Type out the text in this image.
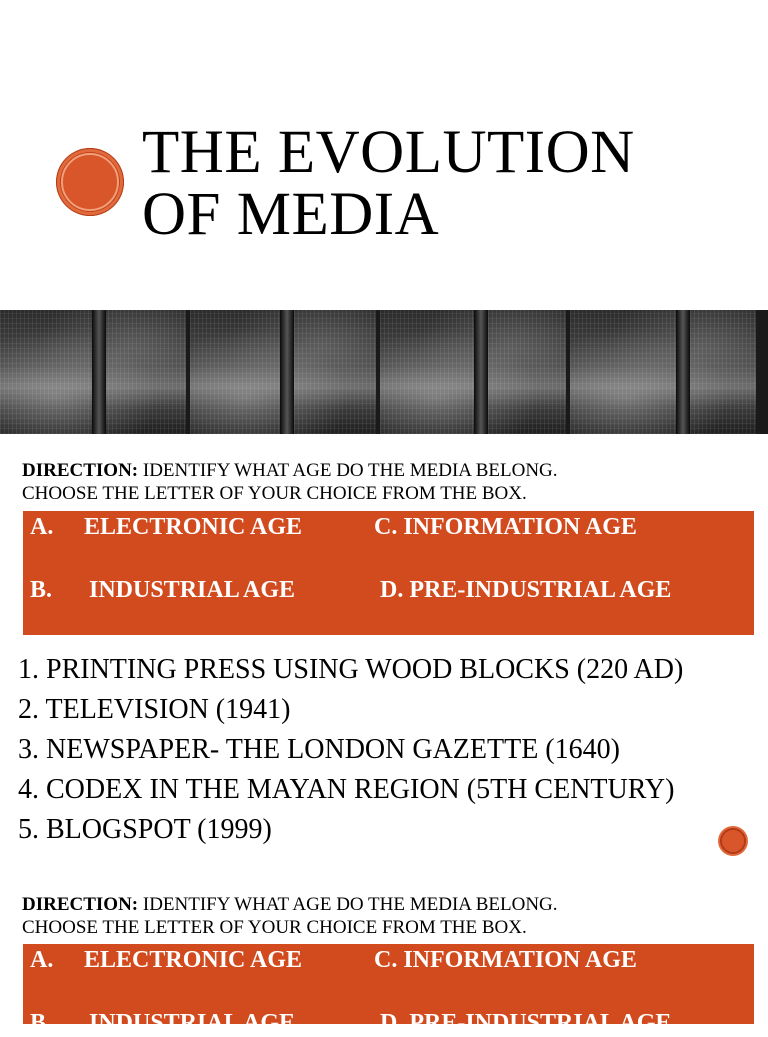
THE EVOLUTION
OF MEDIA
DIRECTION: IDENTIFY WHAT AGE DO THE MEDIA BELONG.
CHOOSE THE LETTER OF YOUR CHOICE FROM THE BOX.
A. ELECTRONIC AGE	C. INFORMATION AGE
B. INDUSTRIAL AGE	D. PRE-INDUSTRIAL AGE
1. PRINTING PRESS USING WOOD BLOCKS (220 AD)
2. TELEVISION (1941)
3. NEWSPAPER- THE LONDON GAZETTE (1640)
4. CODEX IN THE MAYAN REGION (5TH CENTURY)
5. BLOGSPOT (1999)
DIRECTION: IDENTIFY WHAT AGE DO THE MEDIA BELONG.
CHOOSE THE LETTER OF YOUR CHOICE FROM THE BOX.
A. ELECTRONIC AGE	C. INFORMATION AGE
B. INDUSTRIAL AGE	D. PRE-INDUSTRIAL AGE
